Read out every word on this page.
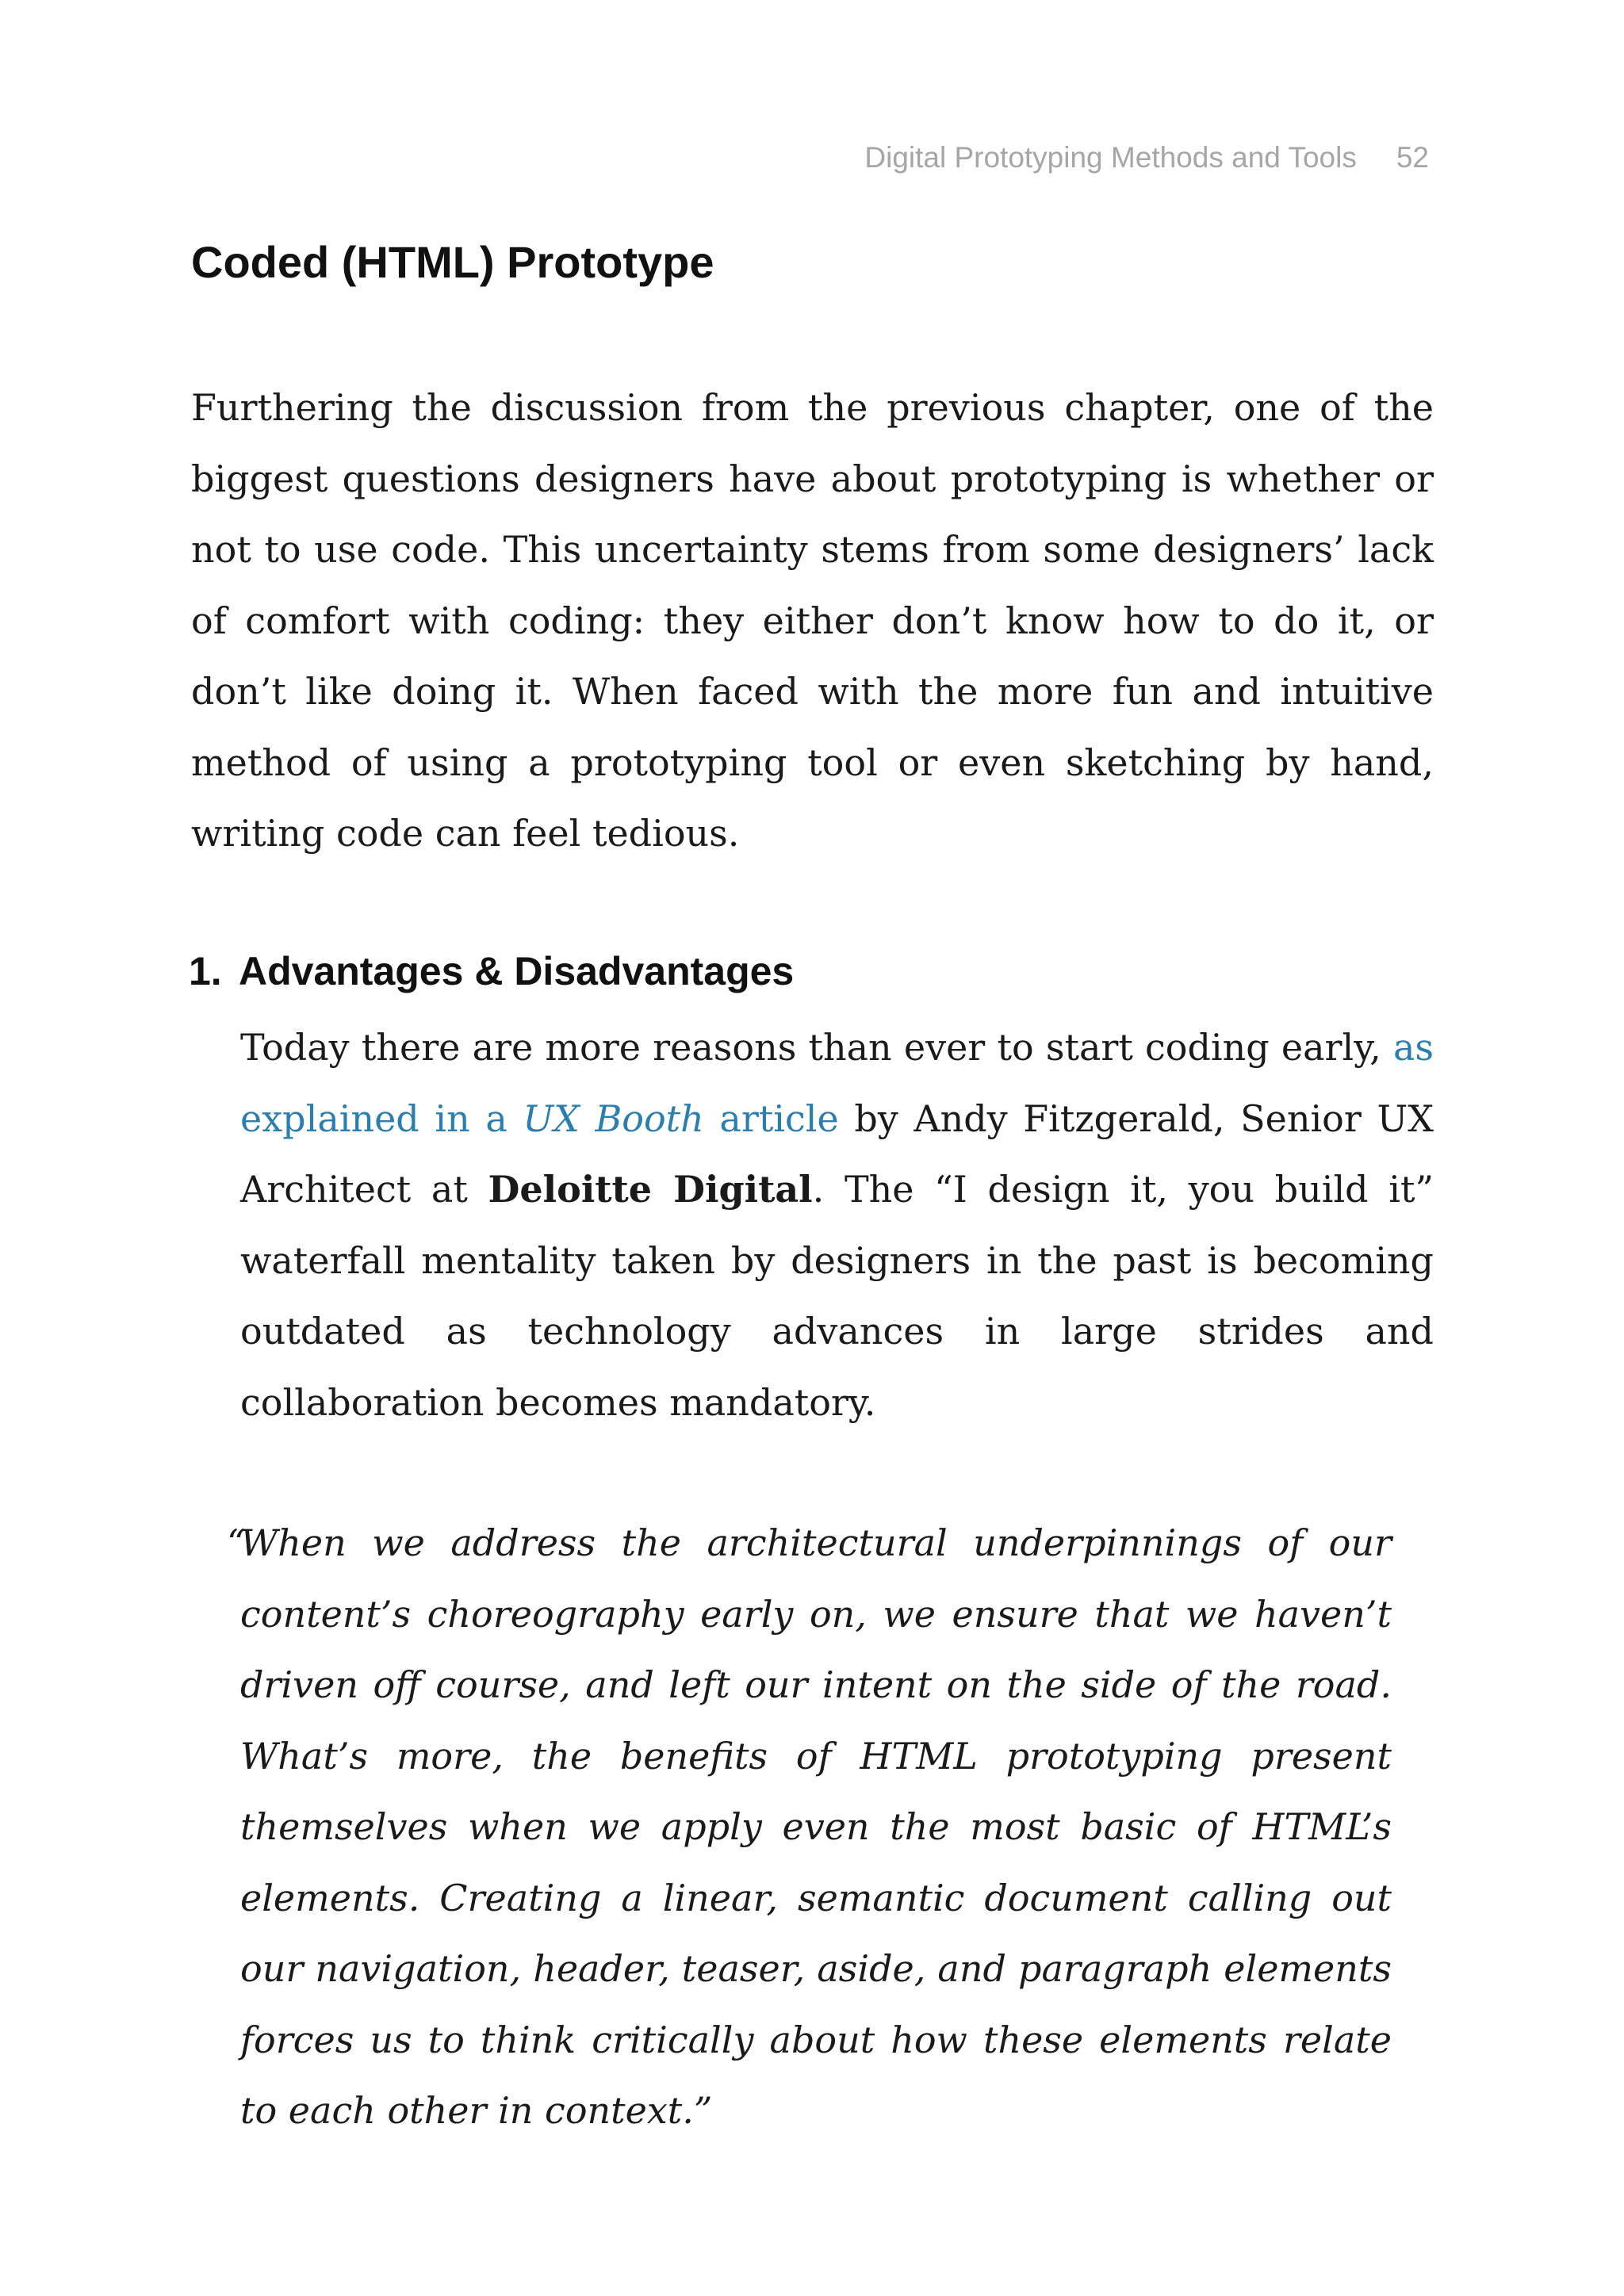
Digital Prototyping Methods and Tools 52
Coded (HTML) Prototype

Furthering the discussion from the previous chapter, one of the biggest questions designers have about prototyping is whether or not to use code. This uncertainty stems from some designers’ lack of comfort with coding: they either don’t know how to do it, or don’t like doing it. When faced with the more fun and intuitive method of using a prototyping tool or even sketching by hand, writing code can feel tedious.

1. Advantages & Disadvantages

Today there are more reasons than ever to start coding early, as explained in a UX Booth article by Andy Fitzgerald, Senior UX Architect at Deloitte Digital. The “I design it, you build it” waterfall mentality taken by designers in the past is becoming outdated as technology advances in large strides and collaboration becomes mandatory.

“
When we address the architectural underpinnings of our content’s choreography early on, we ensure that we haven’t driven off course, and left our intent on the side of the road. What’s more, the benefits of HTML prototyping present themselves when we apply even the most basic of HTML’s elements. Creating a linear, semantic document calling out our navigation, header, teaser, aside, and paragraph elements forces us to think critically about how these elements relate to each other in context.”
